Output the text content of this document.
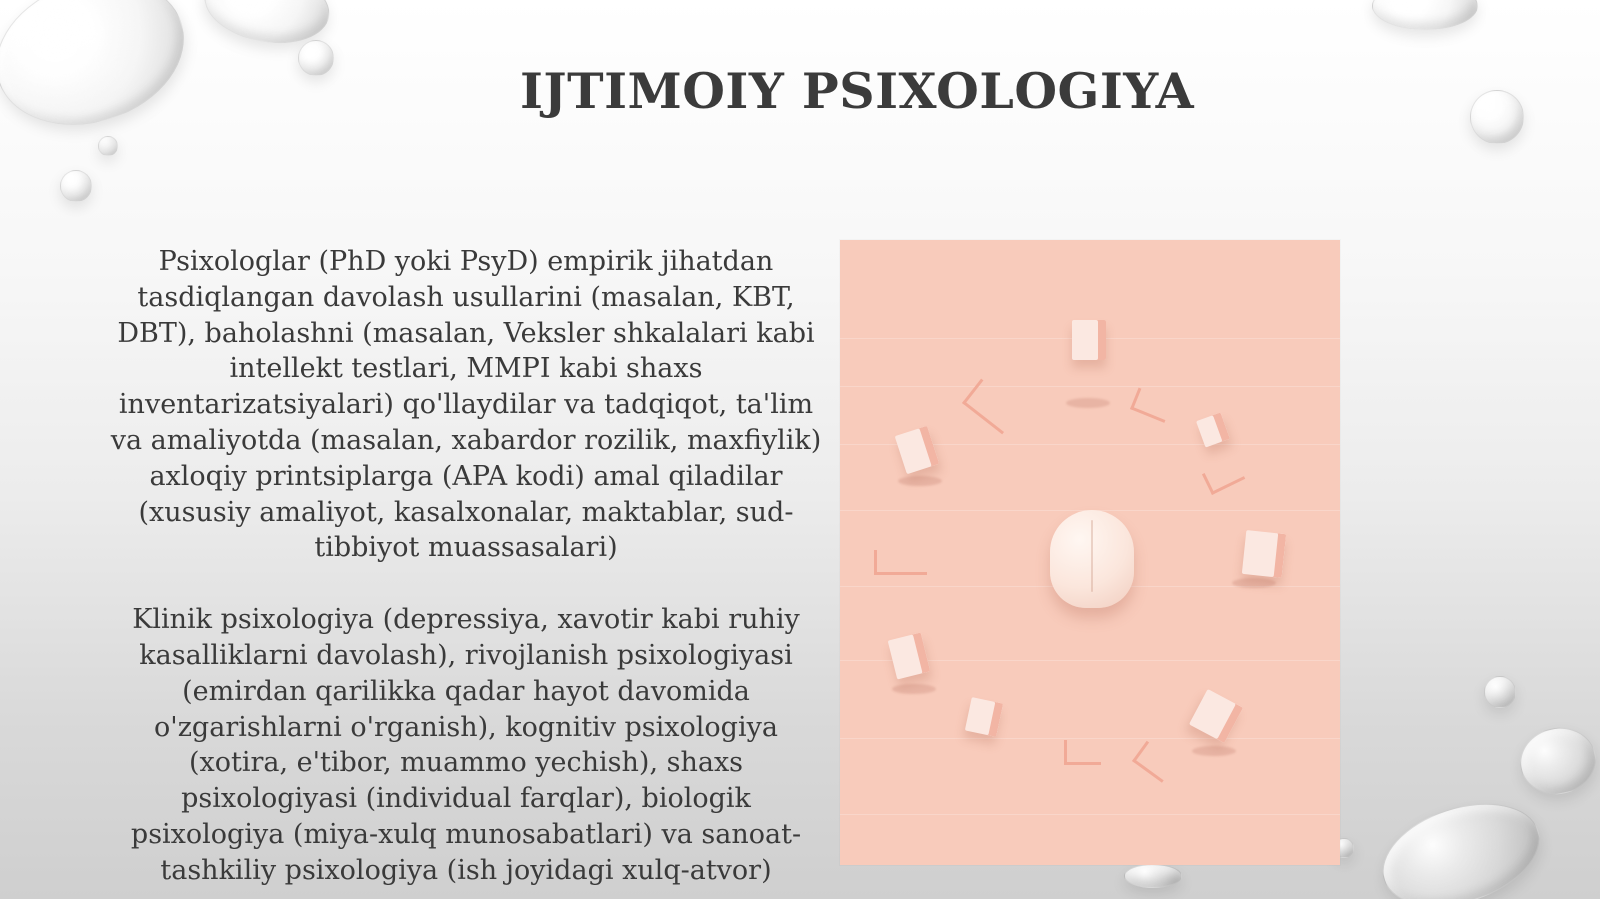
IJTIMOIY PSIXOLOGIYA

Psixologlar (PhD yoki PsyD) empirik jihatdan tasdiqlangan davolash usullarini (masalan, KBT, DBT), baholashni (masalan, Veksler shkalalari kabi intellekt testlari, MMPI kabi shaxs inventarizatsiyalari) qo'llaydilar va tadqiqot, ta'lim va amaliyotda (masalan, xabardor rozilik, maxfiylik) axloqiy printsiplarga (APA kodi) amal qiladilar (xususiy amaliyot, kasalxonalar, maktablar, sud-tibbiyot muassasalari)

Klinik psixologiya (depressiya, xavotir kabi ruhiy kasalliklarni davolash), rivojlanish psixologiyasi (emirdan qarilikka qadar hayot davomida o'zgarishlarni o'rganish), kognitiv psixologiya (xotira, e'tibor, muammo yechish), shaxs psixologiyasi (individual farqlar), biologik psixologiya (miya-xulq munosabatlari) va sanoat-tashkiliy psixologiya (ish joyidagi xulq-atvor)
